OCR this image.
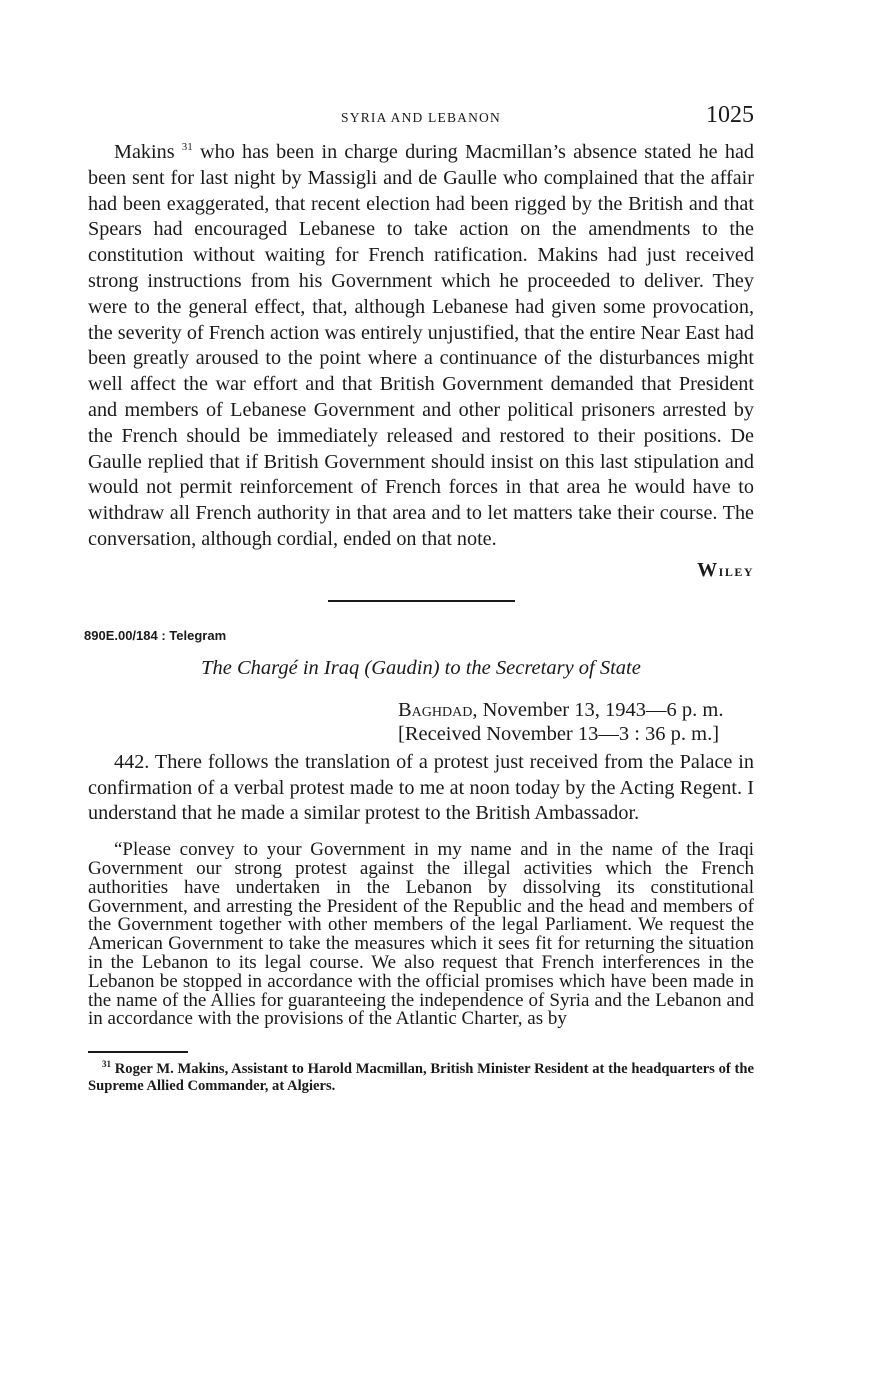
SYRIA AND LEBANON	1025

Makins $^{31}$ who has been in charge during Macmillan’s absence stated he had been sent for last night by Massigli and de Gaulle who complained that the affair had been exaggerated, that recent election had been rigged by the British and that Spears had encouraged Lebanese to take action on the amendments to the constitution without waiting for French ratification. Makins had just received strong instructions from his Government which he proceeded to deliver. They were to the general effect, that, although Lebanese had given some provocation, the severity of French action was entirely unjustified, that the entire Near East had been greatly aroused to the point where a continuance of the disturbances might well affect the war effort and that British Government demanded that President and members of Lebanese Government and other political prisoners arrested by the French should be immediately released and restored to their positions. De Gaulle replied that if British Government should insist on this last stipulation and would not permit reinforcement of French forces in that area he would have to withdraw all French authority in that area and to let matters take their course. The conversation, although cordial, ended on that note.

Wiley
890E.00/184 : Telegram
The Chargé in Iraq (Gaudin) to the Secretary of State
Baghdad, November 13, 1943—6 p. m.
[Received November 13—3 : 36 p. m.]

442. There follows the translation of a protest just received from the Palace in confirmation of a verbal protest made to me at noon today by the Acting Regent. I understand that he made a similar protest to the British Ambassador.

“Please convey to your Government in my name and in the name of the Iraqi Government our strong protest against the illegal activities which the French authorities have undertaken in the Lebanon by dissolving its constitutional Government, and arresting the President of the Republic and the head and members of the Government together with other members of the legal Parliament. We request the American Government to take the measures which it sees fit for returning the situation in the Lebanon to its legal course. We also request that French interferences in the Lebanon be stopped in accordance with the official promises which have been made in the name of the Allies for guaranteeing the independence of Syria and the Lebanon and in accordance with the provisions of the Atlantic Charter, as by

$^{31}$ Roger M. Makins, Assistant to Harold Macmillan, British Minister Resident at the headquarters of the Supreme Allied Commander, at Algiers.
